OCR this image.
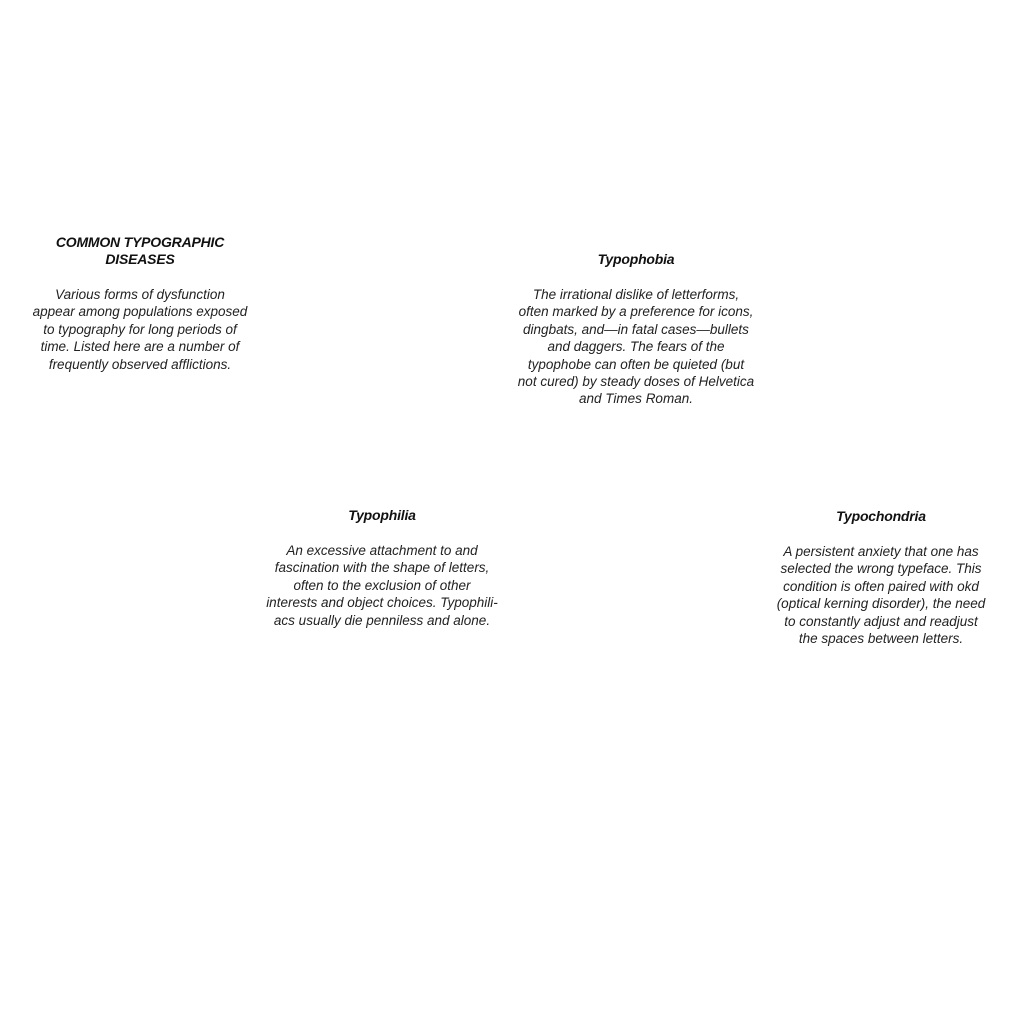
COMMON TYPOGRAPHIC
DISEASES

Various forms of dysfunction
appear among populations exposed
to typography for long periods of
time. Listed here are a number of
frequently observed afflictions.

Typophobia

The irrational dislike of letterforms,
often marked by a preference for icons,
dingbats, and—in fatal cases—bullets
and daggers. The fears of the
typophobe can often be quieted (but
not cured) by steady doses of Helvetica
and Times Roman.

Typophilia

An excessive attachment to and
fascination with the shape of letters,
often to the exclusion of other
interests and object choices. Typophili-
acs usually die penniless and alone.

Typochondria

A persistent anxiety that one has
selected the wrong typeface. This
condition is often paired with okd
(optical kerning disorder), the need
to constantly adjust and readjust
the spaces between letters.
